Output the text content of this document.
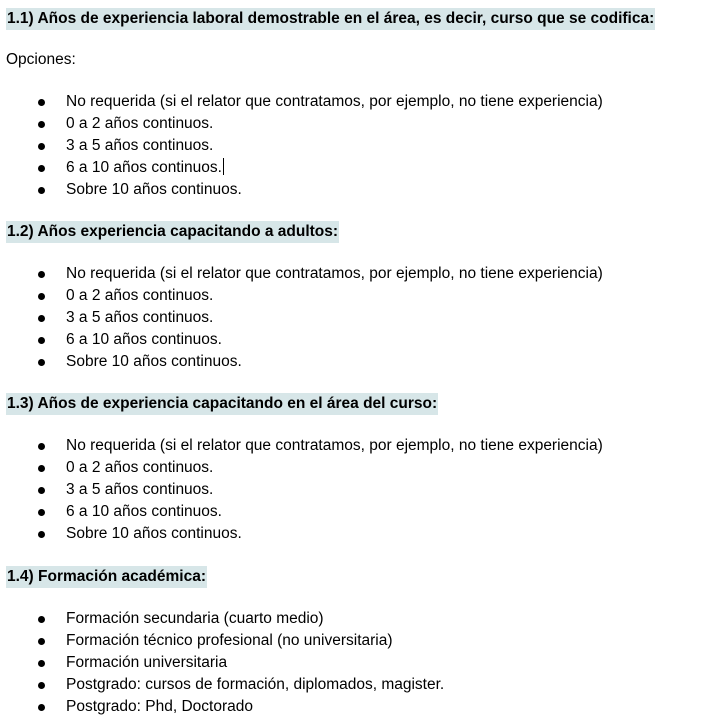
1.1) Años de experiencia laboral demostrable en el área, es decir, curso que se codifica:
Opciones:
No requerida (si el relator que contratamos, por ejemplo, no tiene experiencia)
0 a 2 años continuos.
3 a 5 años continuos.
6 a 10 años continuos.
Sobre 10 años continuos.
1.2) Años experiencia capacitando a adultos:
No requerida (si el relator que contratamos, por ejemplo, no tiene experiencia)
0 a 2 años continuos.
3 a 5 años continuos.
6 a 10 años continuos.
Sobre 10 años continuos.
1.3) Años de experiencia capacitando en el área del curso:
No requerida (si el relator que contratamos, por ejemplo, no tiene experiencia)
0 a 2 años continuos.
3 a 5 años continuos.
6 a 10 años continuos.
Sobre 10 años continuos.
1.4) Formación académica:
Formación secundaria (cuarto medio)
Formación técnico profesional (no universitaria)
Formación universitaria
Postgrado: cursos de formación, diplomados, magister.
Postgrado: Phd, Doctorado
